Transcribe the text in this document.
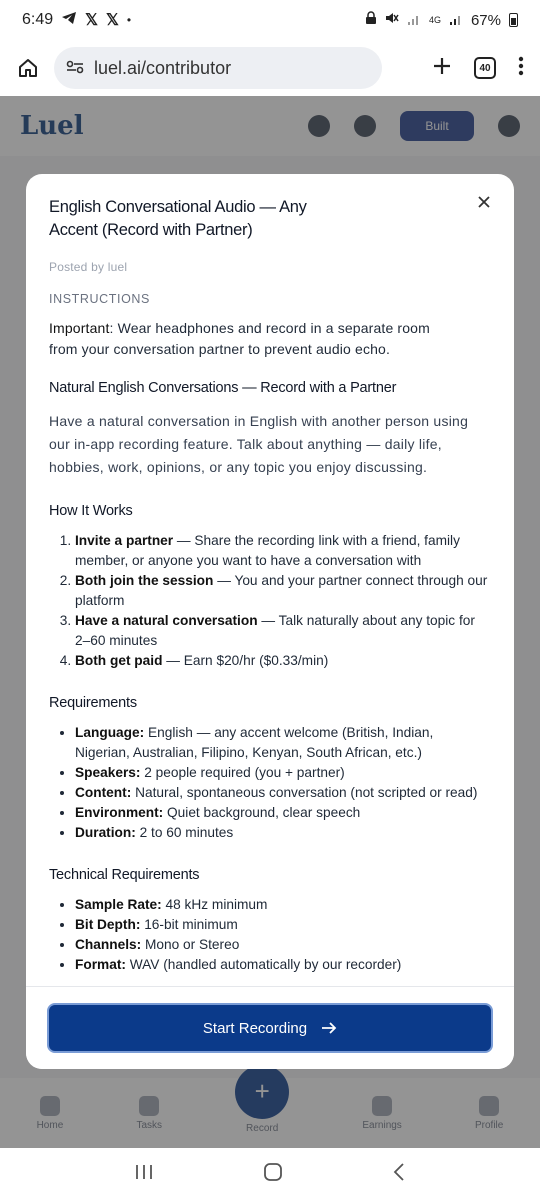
6:49 𝕏 𝕏 •	4G 67%
luel.ai/contributor	40
English Conversational Audio — Any Accent (Record with Partner)
Posted by luel
INSTRUCTIONS
Important: Wear headphones and record in a separate room from your conversation partner to prevent audio echo.
Natural English Conversations — Record with a Partner
Have a natural conversation in English with another person using our in-app recording feature. Talk about anything — daily life, hobbies, work, opinions, or any topic you enjoy discussing.
How It Works
1. Invite a partner — Share the recording link with a friend, family member, or anyone you want to have a conversation with
2. Both join the session — You and your partner connect through our platform
3. Have a natural conversation — Talk naturally about any topic for 2–60 minutes
4. Both get paid — Earn $20/hr ($0.33/min)
Requirements
• Language: English — any accent welcome (British, Indian, Nigerian, Australian, Filipino, Kenyan, South African, etc.)
• Speakers: 2 people required (you + partner)
• Content: Natural, spontaneous conversation (not scripted or read)
• Environment: Quiet background, clear speech
• Duration: 2 to 60 minutes
Technical Requirements
• Sample Rate: 48 kHz minimum
• Bit Depth: 16-bit minimum
• Channels: Mono or Stereo
• Format: WAV (handled automatically by our recorder)
Start Recording
